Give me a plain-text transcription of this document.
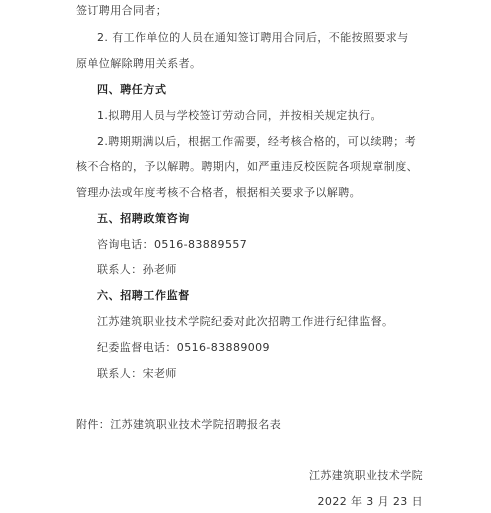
签订聘用合同者；
2. 有工作单位的人员在通知签订聘用合同后，不能按照要求与
原单位解除聘用关系者。
四、聘任方式
1.拟聘用人员与学校签订劳动合同，并按相关规定执行。
2.聘期期满以后，根据工作需要，经考核合格的，可以续聘；考
核不合格的，予以解聘。聘期内，如严重违反校医院各项规章制度、
管理办法或年度考核不合格者，根据相关要求予以解聘。
五、招聘政策咨询
咨询电话：0516-83889557
联系人：孙老师
六、招聘工作监督
江苏建筑职业技术学院纪委对此次招聘工作进行纪律监督。
纪委监督电话：0516-83889009
联系人：宋老师
附件：江苏建筑职业技术学院招聘报名表
江苏建筑职业技术学院
2022 年 3 月 23 日
